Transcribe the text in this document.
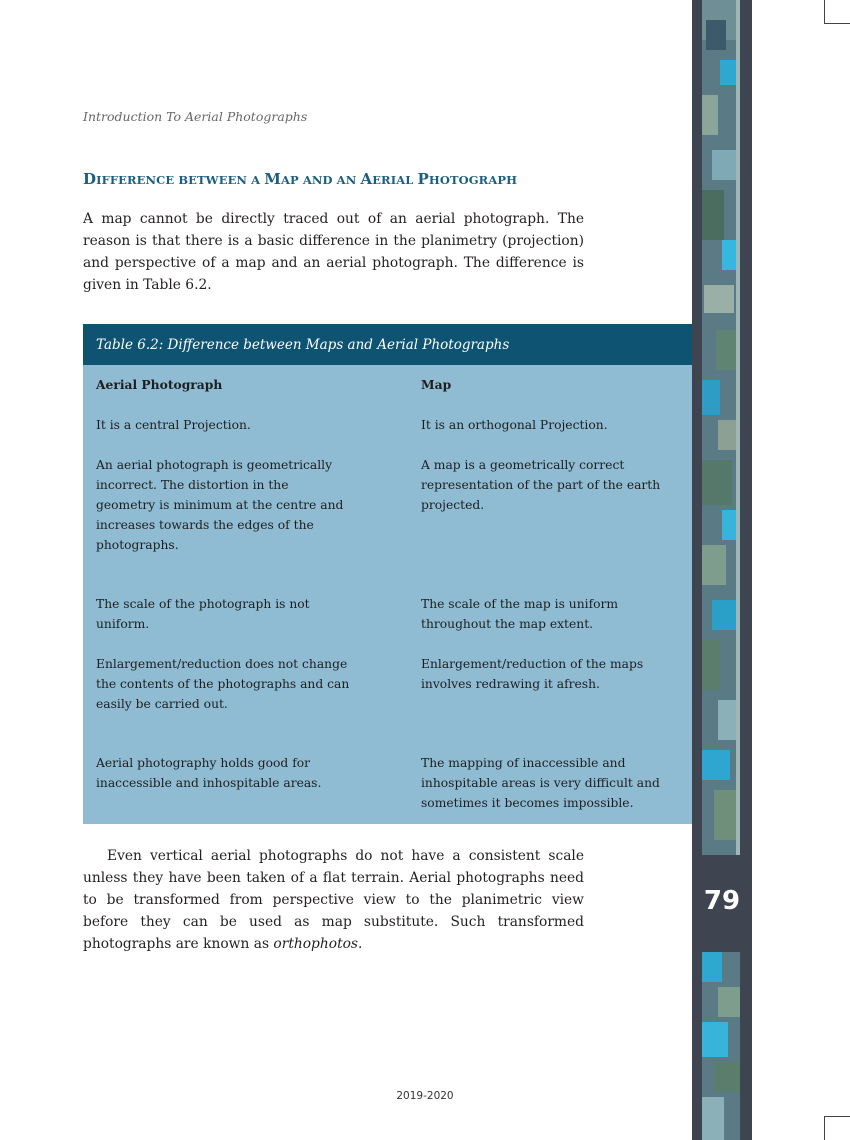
79
Introduction To Aerial Photographs
DIFFERENCE BETWEEN A MAP AND AN AERIAL PHOTOGRAPH

A map cannot be directly traced out of an aerial photograph. The reason is that there is a basic difference in the planimetry (projection) and perspective of a map and an aerial photograph. The difference is given in Table 6.2.

Table 6.2: Difference between Maps and Aerial Photographs
Aerial Photograph	Map
It is a central Projection.	It is an orthogonal Projection.
An aerial photograph is geometrically incorrect. The distortion in the geometry is minimum at the centre and increases towards the edges of the photographs.
A map is a geometrically correct representation of the part of the earth projected.
The scale of the photograph is not uniform.
The scale of the map is uniform throughout the map extent.
Enlargement/reduction does not change the contents of the photographs and can easily be carried out.
Enlargement/reduction of the maps involves redrawing it afresh.
Aerial photography holds good for inaccessible and inhospitable areas.
The mapping of inaccessible and inhospitable areas is very difficult and sometimes it becomes impossible.

Even vertical aerial photographs do not have a consistent scale unless they have been taken of a flat terrain. Aerial photographs need to be transformed from perspective view to the planimetric view before they can be used as map substitute. Such transformed photographs are known as orthophotos.

2019-2020
